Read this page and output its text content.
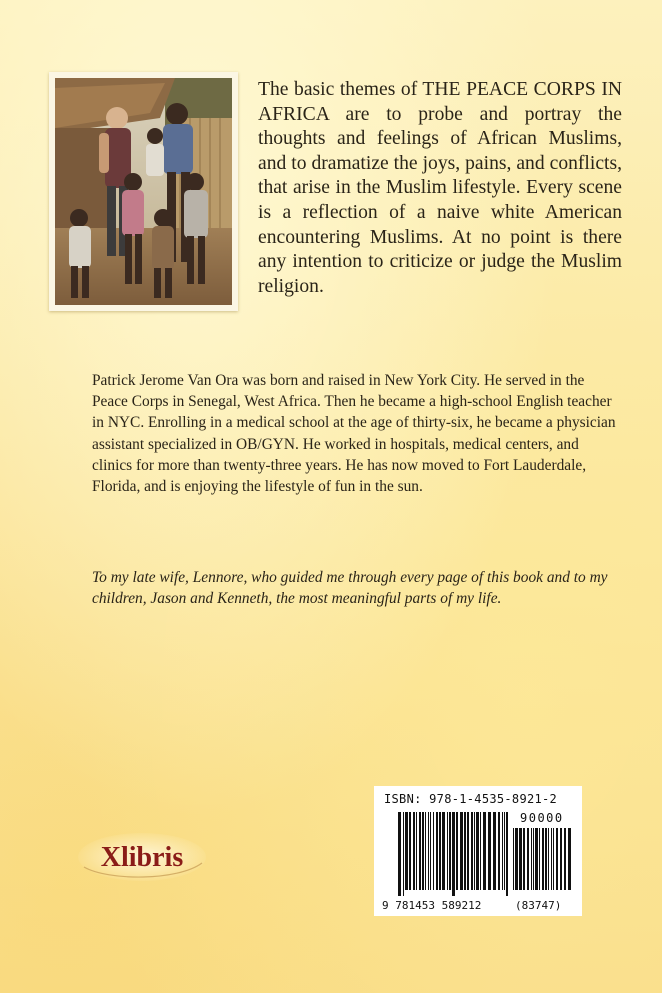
The basic themes of THE PEACE CORPS IN AFRICA are to probe and portray the thoughts and feelings of African Muslims, and to dramatize the joys, pains, and conflicts, that arise in the Muslim lifestyle. Every scene is a reflection of a naive white American encountering Muslims. At no point is there any intention to criticize or judge the Muslim religion.

Patrick Jerome Van Ora was born and raised in New York City. He served in the Peace Corps in Senegal, West Africa. Then he became a high-school English teacher in NYC. Enrolling in a medical school at the age of thirty-six, he became a physician assistant specialized in OB/GYN. He worked in hospitals, medical centers, and clinics for more than twenty-three years. He has now moved to Fort Lauderdale, Florida, and is enjoying the lifestyle of fun in the sun.

To my late wife, Lennore, who guided me through every page of this book and to my children, Jason and Kenneth, the most meaningful parts of my life.

Xlibris

ISBN: 978-1-4535-8921-2

90000

9 781453 589212	(83747)
